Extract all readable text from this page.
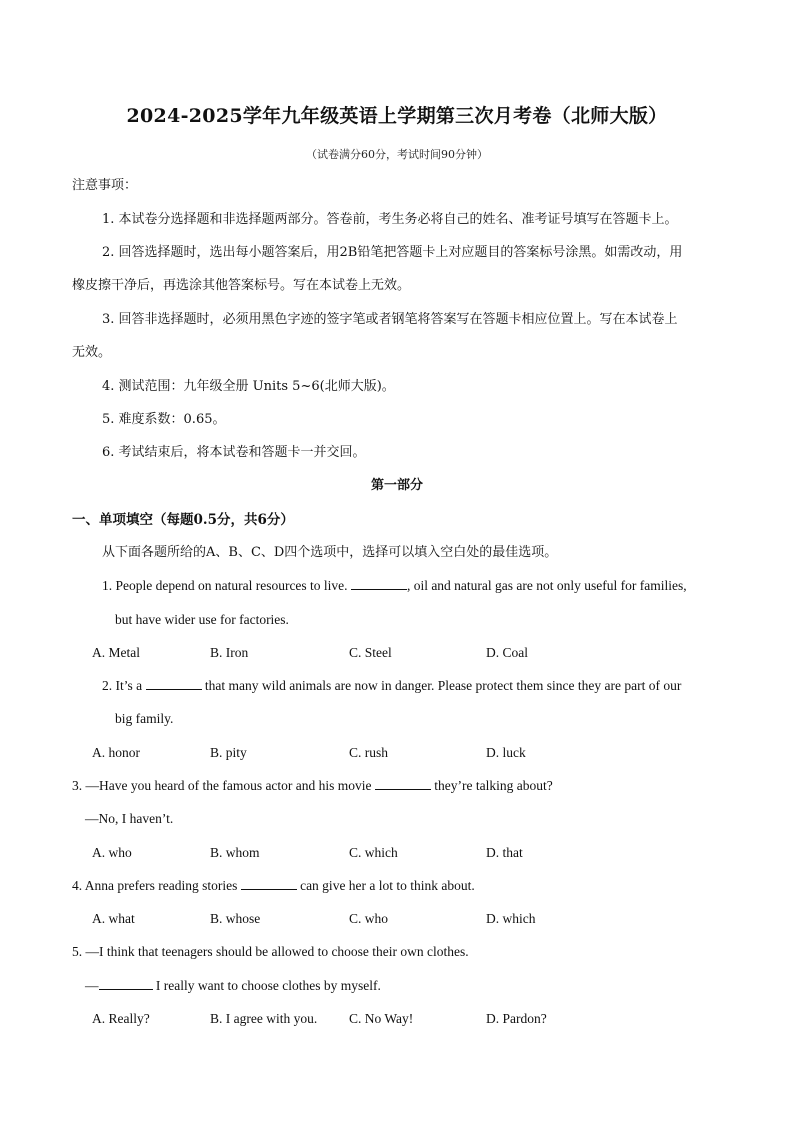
2024-2025学年九年级英语上学期第三次月考卷（北师大版）
（试卷满分60分，考试时间90分钟）
注意事项：
1. 本试卷分选择题和非选择题两部分。答卷前，考生务必将自己的姓名、准考证号填写在答题卡上。
2. 回答选择题时，选出每小题答案后，用2B铅笔把答题卡上对应题目的答案标号涂黑。如需改动，用
橡皮擦干净后，再选涂其他答案标号。写在本试卷上无效。
3. 回答非选择题时，必须用黑色字迹的签字笔或者钢笔将答案写在答题卡相应位置上。写在本试卷上
无效。
4. 测试范围：九年级全册 Units 5~6(北师大版)。
5. 难度系数：0.65。
6. 考试结束后，将本试卷和答题卡一并交回。
第一部分
一、单项填空（每题0.5分，共6分）
从下面各题所给的A、B、C、D四个选项中，选择可以填入空白处的最佳选项。
1. People depend on natural resources to live.	, oil and natural gas are not only useful for families,
but have wider use for factories.
A. Metal	B. Iron	C. Steel	D. Coal
2. It’s a	that many wild animals are now in danger. Please protect them since they are part of our
big family.
A. honor	B. pity	C. rush	D. luck
3. —Have you heard of the famous actor and his movie	they’re talking about?
—No, I haven’t.
A. who	B. whom	C. which	D. that
4. Anna prefers reading stories	can give her a lot to think about.
A. what	B. whose	C. who	D. which
5. —I think that teenagers should be allowed to choose their own clothes.
—	I really want to choose clothes by myself.
A. Really?	B. I agree with you. C. No Way!	D. Pardon?
